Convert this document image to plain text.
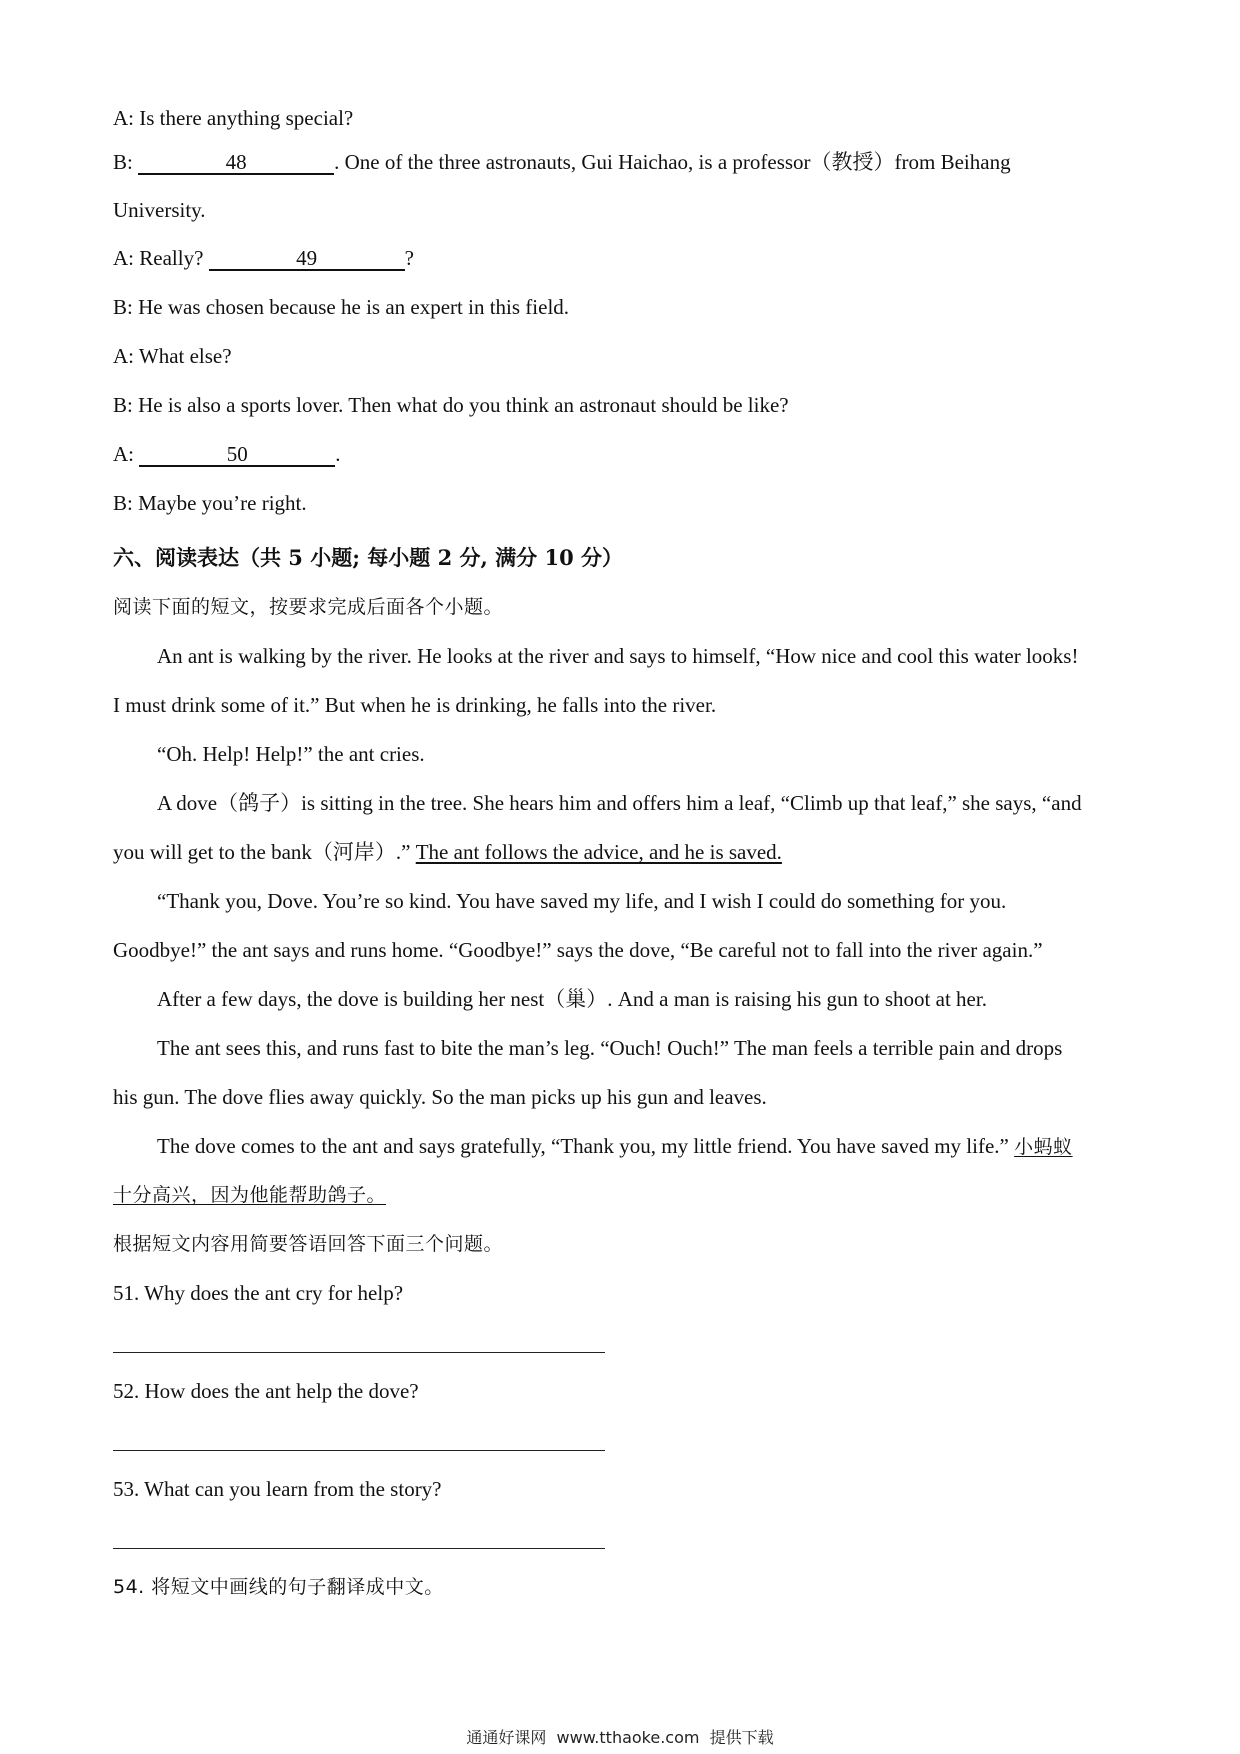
A: Is there anything special?

B:	48	. One of the three astronauts, Gui Haichao, is a professor（教授）from Beihang

University.

A: Really?	49	?

B: He was chosen because he is an expert in this field.

A: What else?

B: He is also a sports lover. Then what do you think an astronaut should be like?

A:	50	.

B: Maybe you’re right.

六、阅读表达（共 5 小题; 每小题 2 分, 满分 10 分）

阅读下面的短文，按要求完成后面各个小题。

An ant is walking by the river. He looks at the river and says to himself, “How nice and cool this water looks!

I must drink some of it.” But when he is drinking, he falls into the river.

“Oh. Help! Help!” the ant cries.

A dove（鸽子）is sitting in the tree. She hears him and offers him a leaf, “Climb up that leaf,” she says, “and

you will get to the bank（河岸）.” The ant follows the advice, and he is saved.

“Thank you, Dove. You’re so kind. You have saved my life, and I wish I could do something for you.

Goodbye!” the ant says and runs home. “Goodbye!” says the dove, “Be careful not to fall into the river again.”

After a few days, the dove is building her nest（巢）. And a man is raising his gun to shoot at her.

The ant sees this, and runs fast to bite the man’s leg. “Ouch! Ouch!” The man feels a terrible pain and drops

his gun. The dove flies away quickly. So the man picks up his gun and leaves.

The dove comes to the ant and says gratefully, “Thank you, my little friend. You have saved my life.” 小蚂蚁

十分高兴，因为他能帮助鸽子。

根据短文内容用简要答语回答下面三个问题。

51. Why does the ant cry for help?

52. How does the ant help the dove?

53. What can you learn from the story?

54. 将短文中画线的句子翻译成中文。

通通好课网  www.tthaoke.com  提供下载
